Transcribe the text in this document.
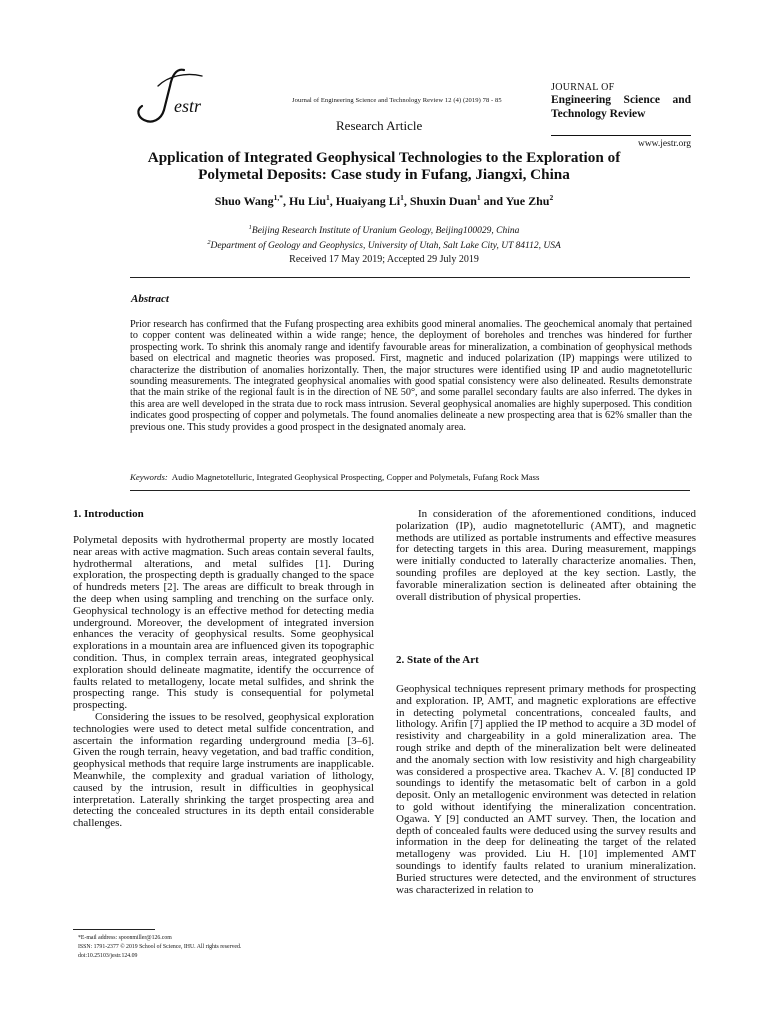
estr	Journal of Engineering Science and Technology Review 12 (4) (2019) 78 - 85
Research Article
JOURNAL OF
Engineering Science and
Technology Review
www.jestr.org
Application of Integrated Geophysical Technologies to the Exploration of Polymetal Deposits: Case study in Fufang, Jiangxi, China
Shuo Wang$^{1,*}$, Hu Liu$^1$, Huaiyang Li$^1$, Shuxin Duan$^1$ and Yue Zhu$^2$
$^1$Beijing Research Institute of Uranium Geology, Beijing100029, China
$^2$Department of Geology and Geophysics, University of Utah, Salt Lake City, UT 84112, USA
Received 17 May 2019; Accepted 29 July 2019
Abstract
Prior research has confirmed that the Fufang prospecting area exhibits good mineral anomalies. The geochemical anomaly that pertained to copper content was delineated within a wide range; hence, the deployment of boreholes and trenches was hindered for further prospecting work. To shrink this anomaly range and identify favourable areas for mineralization, a combination of geophysical methods based on electrical and magnetic theories was proposed. First, magnetic and induced polarization (IP) mappings were utilized to characterize the distribution of anomalies horizontally. Then, the major structures were identified using IP and audio magnetotelluric sounding measurements. The integrated geophysical anomalies with good spatial consistency were also delineated. Results demonstrate that the main strike of the regional fault is in the direction of NE 50°, and some parallel secondary faults are also inferred. The dykes in this area are well developed in the strata due to rock mass intrusion. Several geophysical anomalies are highly superposed. This condition indicates good prospecting of copper and polymetals. The found anomalies delineate a new prospecting area that is 62% smaller than the previous one. This study provides a good prospect in the designated anomaly area.
Keywords: Audio Magnetotelluric, Integrated Geophysical Prospecting, Copper and Polymetals, Fufang Rock Mass
1. Introduction

Polymetal deposits with hydrothermal property are mostly located near areas with active magmation. Such areas contain several faults, hydrothermal alterations, and metal sulfides [1]. During exploration, the prospecting depth is gradually changed to the space of hundreds meters [2]. The areas are difficult to break through in the deep when using sampling and trenching on the surface only. Geophysical technology is an effective method for detecting media underground. Moreover, the development of integrated inversion enhances the veracity of geophysical results. Some geophysical explorations in a mountain area are influenced given its topographic condition. Thus, in complex terrain areas, integrated geophysical exploration should delineate magmatite, identify the occurrence of faults related to metallogeny, locate metal sulfides, and shrink the prospecting range. This study is consequential for polymetal prospecting.

Considering the issues to be resolved, geophysical exploration technologies were used to detect metal sulfide concentration, and ascertain the information regarding underground media [3–6]. Given the rough terrain, heavy vegetation, and bad traffic condition, geophysical methods that require large instruments are inapplicable. Meanwhile, the complexity and gradual variation of lithology, caused by the intrusion, result in difficulties in geophysical interpretation. Laterally shrinking the target prospecting area and detecting the concealed structures in its depth entail considerable challenges.

In consideration of the aforementioned conditions, induced polarization (IP), audio magnetotelluric (AMT), and magnetic methods are utilized as portable instruments and effective measures for detecting targets in this area. During measurement, mappings were initially conducted to laterally characterize anomalies. Then, sounding profiles are deployed at the key section. Lastly, the favorable mineralization section is delineated after obtaining the overall distribution of physical properties.

2. State of the Art

Geophysical techniques represent primary methods for prospecting and exploration. IP, AMT, and magnetic explorations are effective in detecting polymetal concentrations, concealed faults, and lithology. Arifin [7] applied the IP method to acquire a 3D model of resistivity and chargeability in a gold mineralization area. The rough strike and depth of the mineralization belt were delineated and the anomaly section with low resistivity and high chargeability was considered a prospective area. Tkachev A. V. [8] conducted IP soundings to identify the metasomatic belt of carbon in a gold deposit. Only an metallogenic environment was detected in relation to gold without identifying the mineralization concentration. Ogawa. Y [9] conducted an AMT survey. Then, the location and depth of concealed faults were deduced using the survey results and information in the deep for delineating the target of the related metallogeny was provided. Liu H. [10] implemented AMT soundings to identify faults related to uranium mineralization. Buried structures were detected, and the environment of structures was characterized in relation to

*E-mail address: spoonmiller@126.com
ISSN: 1791-2377 © 2019 School of Science, IHU. All rights reserved.
doi:10.25103/jestr.124.09
